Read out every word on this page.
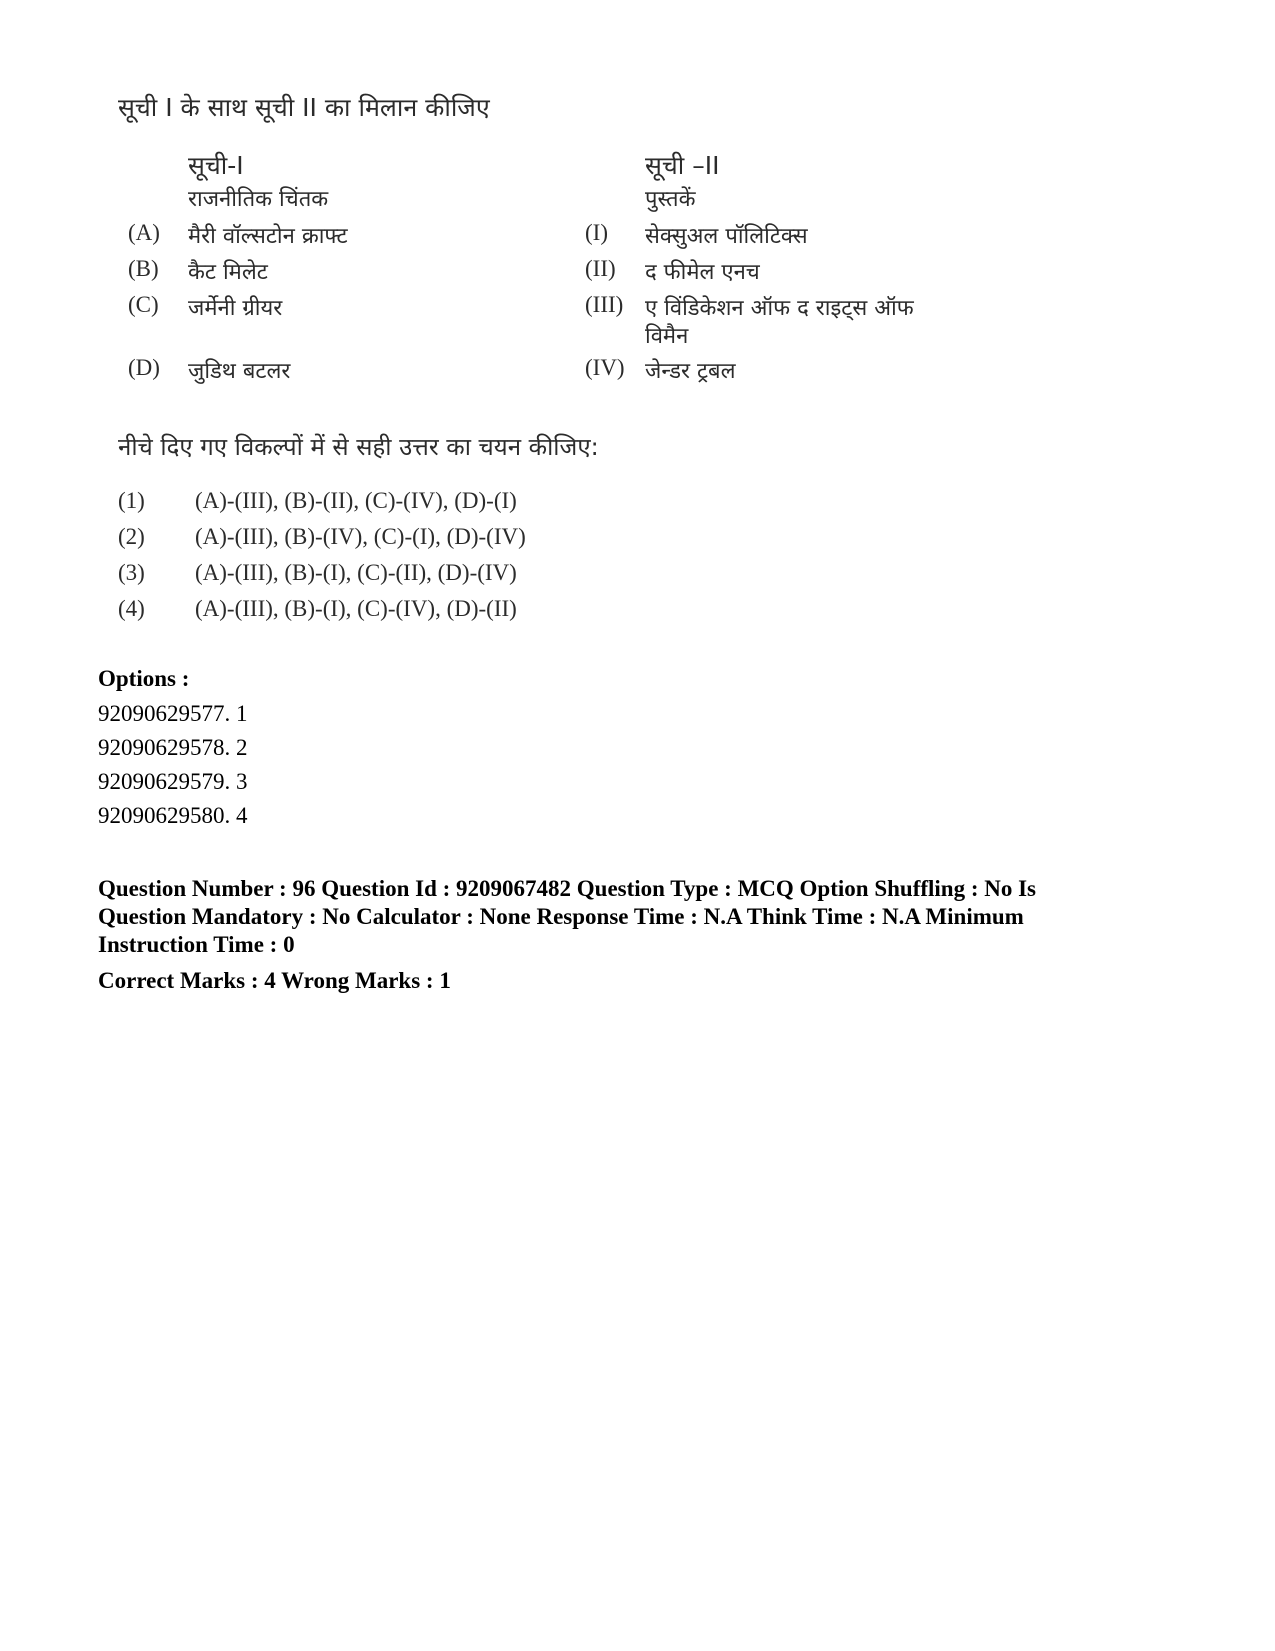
सूची I के साथ सूची II का मिलान कीजिए
सूची-I	सूची –II
राजनीतिक चिंतक	पुस्तकें
(A) मैरी वॉल्सटोन क्राफ्ट
(B) कैट मिलेट
(C) जर्मेनी ग्रीयर
(D) जुडिथ बटलर
(I) सेक्सुअल पॉलिटिक्स
(II) द फीमेल एनच
(III) ए विंडिकेशन ऑफ द राइट्स ऑफ
विमैन
(IV) जेन्डर ट्रबल
नीचे दिए गए विकल्पों में से सही उत्तर का चयन कीजिए:
(1) (A)-(III), (B)-(II), (C)-(IV), (D)-(I)
(2) (A)-(III), (B)-(IV), (C)-(I), (D)-(IV)
(3) (A)-(III), (B)-(I), (C)-(II), (D)-(IV)
(4) (A)-(III), (B)-(I), (C)-(IV), (D)-(II)
Options :
92090629577. 1
92090629578. 2
92090629579. 3
92090629580. 4
Question Number : 96 Question Id : 9209067482 Question Type : MCQ Option Shuffling : No Is Question Mandatory : No Calculator : None Response Time : N.A Think Time : N.A Minimum Instruction Time : 0
Correct Marks : 4 Wrong Marks : 1
